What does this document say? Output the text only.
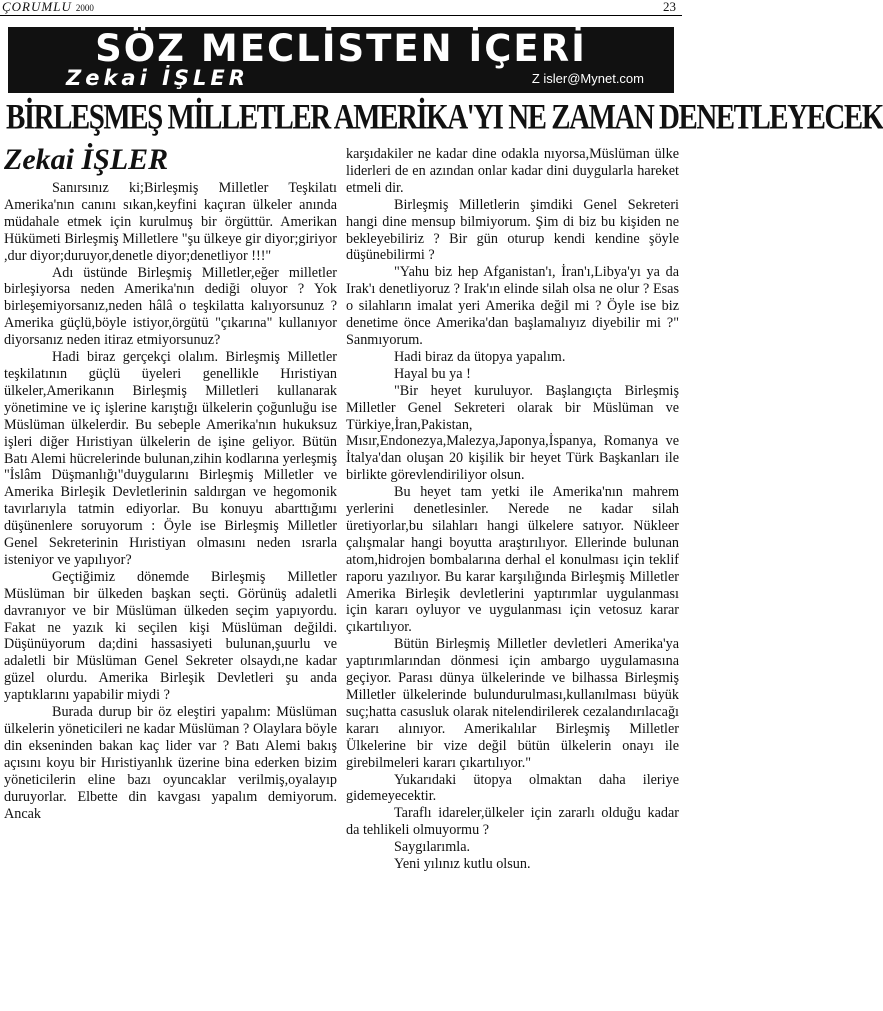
ÇORUMLU 2000	23
SÖZ MECLİSTEN İÇERİ
Zekai İŞLER	Z isler@Mynet.com
BİRLEŞMEŞ MİLLETLER AMERİKA'YI NE ZAMAN DENETLEYECEK
Zekai İŞLER

Sanırsınız ki;Birleşmiş Milletler Teşkilatı Amerika'nın canını sıkan,keyfini kaçıran ülkeler anında müdahale etmek için kurulmuş bir örgüttür. Amerikan Hükümeti Birleşmiş Milletlere "şu ülkeye gir diyor;giriyor ,dur diyor;duruyor,denetle diyor;denetliyor !!!"

Adı üstünde Birleşmiş Milletler,eğer milletler birleşiyorsa neden Amerika'nın dediği oluyor ? Yok birleşemiyorsanız,neden hâlâ o teşkilatta kalıyorsunuz ? Amerika güçlü,böyle istiyor,örgütü "çıkarına" kullanıyor diyorsanız neden itiraz etmiyorsunuz?

Hadi biraz gerçekçi olalım. Birleşmiş Milletler teşkilatının güçlü üyeleri genellikle Hıristiyan ülkeler,Amerikanın Birleşmiş Milletleri kullanarak yönetimine ve iç işlerine karıştığı ülkelerin çoğunluğu ise Müslüman ülkelerdir. Bu sebeple Amerika'nın hukuksuz işleri diğer Hıristiyan ülkelerin de işine geliyor. Bütün Batı Alemi hücrelerinde bulunan,zihin kodlarına yerleşmiş "İslâm Düşmanlığı"duygularını Birleşmiş Milletler ve Amerika Birleşik Devletlerinin saldırgan ve hegomonik tavırlarıyla tatmin ediyorlar. Bu konuyu abarttığımı düşünenlere soruyorum : Öyle ise Birleşmiş Milletler Genel Sekreterinin Hıristiyan olmasını neden ısrarla isteniyor ve yapılıyor?

Geçtiğimiz dönemde Birleşmiş Milletler Müslüman bir ülkeden başkan seçti. Görünüş adaletli davranıyor ve bir Müslüman ülkeden seçim yapıyordu. Fakat ne yazık ki seçilen kişi Müslüman değildi. Düşünüyorum da;dini hassasiyeti bulunan,şuurlu ve adaletli bir Müslüman Genel Sekreter olsaydı,ne kadar güzel olurdu. Amerika Birleşik Devletleri şu anda yaptıklarını yapabilir miydi ?

Burada durup bir öz eleştiri yapalım: Müslüman ülkelerin yöneticileri ne kadar Müslüman ? Olaylara böyle din ekseninden bakan kaç lider var ? Batı Alemi bakış açısını koyu bir Hıristiyanlık üzerine bina ederken bizim yöneticilerin eline bazı oyuncaklar verilmiş,oyalayıp duruyorlar. Elbette din kavgası yapalım demiyorum. Ancak

karşıdakiler ne kadar dine odakla nıyorsa,Müslüman ülke liderleri de en azından onlar kadar dini duygularla hareket etmeli dir.

Birleşmiş Milletlerin şimdiki Genel Sekreteri hangi dine mensup bilmiyorum. Şim di biz bu kişiden ne bekleyebiliriz ? Bir gün oturup kendi kendine şöyle düşünebilirmi ?

"Yahu biz hep Afganistan'ı, İran'ı,Libya'yı ya da Irak'ı denetliyoruz ? Irak'ın elinde silah olsa ne olur ? Esas o silahların imalat yeri Amerika değil mi ? Öyle ise biz denetime önce Amerika'dan başlamalıyız diyebilir mi ?" Sanmıyorum.

Hadi biraz da ütopya yapalım.

Hayal bu ya !

"Bir heyet kuruluyor. Başlangıçta Birleşmiş Milletler Genel Sekreteri olarak bir Müslüman ve Türkiye,İran,Pakistan, Mısır,Endonezya,Malezya,Japonya,İspanya, Romanya ve İtalya'dan oluşan 20 kişilik bir heyet Türk Başkanları ile birlikte görevlendiriliyor olsun.

Bu heyet tam yetki ile Amerika'nın mahrem yerlerini denetlesinler. Nerede ne kadar silah üretiyorlar,bu silahları hangi ülkelere satıyor. Nükleer çalışmalar hangi boyutta araştırılıyor. Ellerinde bulunan atom,hidrojen bombalarına derhal el konulması için teklif raporu yazılıyor. Bu karar karşılığında Birleşmiş Milletler Amerika Birleşik devletlerini yaptırımlar uygulanması için kararı oyluyor ve uygulanması için vetosuz karar çıkartılıyor.

Bütün Birleşmiş Milletler devletleri Amerika'ya yaptırımlarından dönmesi için ambargo uygulamasına geçiyor. Parası dünya ülkelerinde ve bilhassa Birleşmiş Milletler ülkelerinde bulundurulması,kullanılması büyük suç;hatta casusluk olarak nitelendirilerek cezalandırılacağı kararı alınıyor. Amerikalılar Birleşmiş Milletler Ülkelerine bir vize değil bütün ülkelerin onayı ile girebilmeleri kararı çıkartılıyor."

Yukarıdaki ütopya olmaktan daha ileriye gidemeyecektir.

Taraflı idareler,ülkeler için zararlı olduğu kadar da tehlikeli olmuyormu ?

Saygılarımla.

Yeni yılınız kutlu olsun.
